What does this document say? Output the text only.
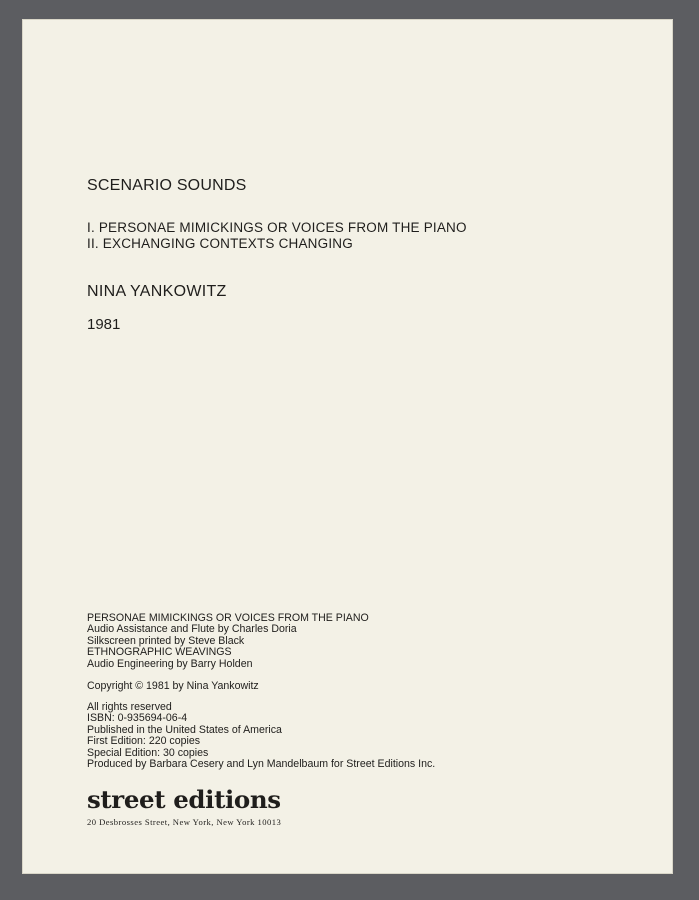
SCENARIO SOUNDS
I. PERSONAE MIMICKINGS OR VOICES FROM THE PIANO
II. EXCHANGING CONTEXTS CHANGING
NINA YANKOWITZ
1981
PERSONAE MIMICKINGS OR VOICES FROM THE PIANO
Audio Assistance and Flute by Charles Doria
Silkscreen printed by Steve Black
ETHNOGRAPHIC WEAVINGS
Audio Engineering by Barry Holden
Copyright © 1981 by Nina Yankowitz
All rights reserved
ISBN: 0-935694-06-4
Published in the United States of America
First Edition: 220 copies
Special Edition: 30 copies
Produced by Barbara Cesery and Lyn Mandelbaum for Street Editions Inc.
street editions
20 Desbrosses Street, New York, New York 10013
